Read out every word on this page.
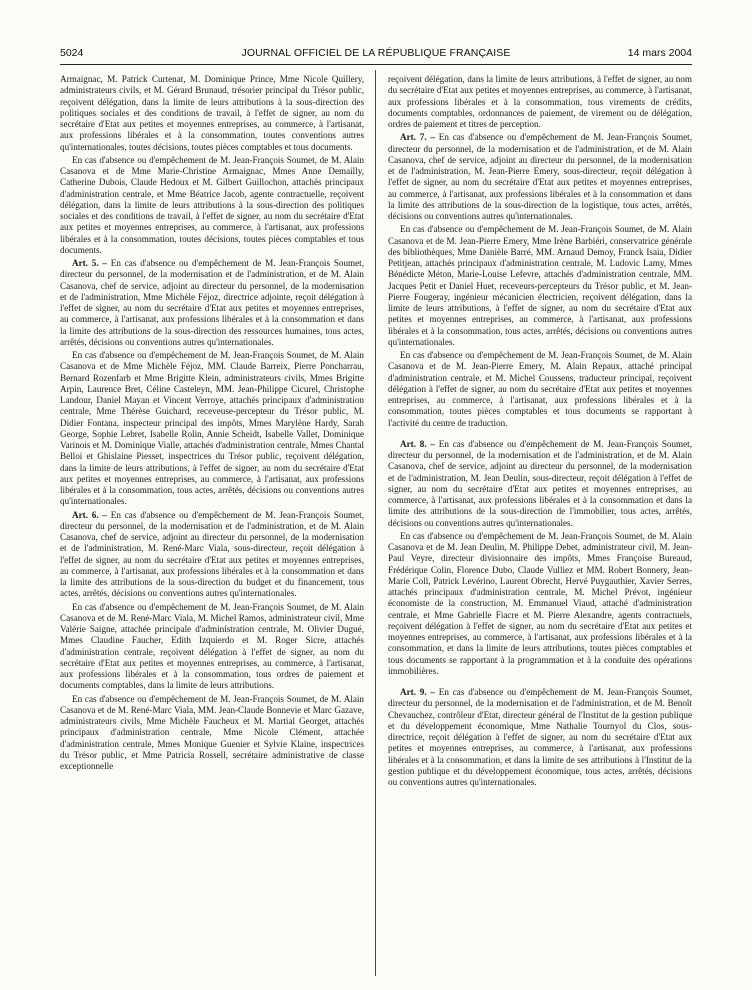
5024	JOURNAL OFFICIEL DE LA RÉPUBLIQUE FRANÇAISE	14 mars 2004

Armaignac, M. Patrick Curtenat, M. Dominique Prince, Mme Nicole Quillery, administrateurs civils, et M. Gérard Brunaud, trésorier principal du Trésor public, reçoivent délégation, dans la limite de leurs attributions à la sous-direction des politiques sociales et des conditions de travail, à l'effet de signer, au nom du secrétaire d'Etat aux petites et moyennes entreprises, au commerce, à l'artisanat, aux professions libérales et à la consommation, toutes conventions autres qu'internationales, toutes décisions, toutes pièces comptables et tous documents.

En cas d'absence ou d'empêchement de M. Jean-François Soumet, de M. Alain Casanova et de Mme Marie-Christine Armaignac, Mmes Anne Demailly, Catherine Dubois, Claude Hedoux et M. Gilbert Guillochon, attachés principaux d'administration centrale, et Mme Béatrice Jacob, agente contractuelle, reçoivent délégation, dans la limite de leurs attributions à la sous-direction des politiques sociales et des conditions de travail, à l'effet de signer, au nom du secrétaire d'Etat aux petites et moyennes entreprises, au commerce, à l'artisanat, aux professions libérales et à la consommation, toutes décisions, toutes pièces comptables et tous documents.

Art. 5. – En cas d'absence ou d'empêchement de M. Jean-François Soumet, directeur du personnel, de la modernisation et de l'administration, et de M. Alain Casanova, chef de service, adjoint au directeur du personnel, de la modernisation et de l'administration, Mme Michèle Féjoz, directrice adjointe, reçoit délégation à l'effet de signer, au nom du secrétaire d'Etat aux petites et moyennes entreprises, au commerce, à l'artisanat, aux professions libérales et à la consommation et dans la limite des attributions de la sous-direction des ressources humaines, tous actes, arrêtés, décisions ou conventions autres qu'internationales.

En cas d'absence ou d'empêchement de M. Jean-François Soumet, de M. Alain Casanova et de Mme Michèle Féjoz, MM. Claude Barreix, Pierre Poncharrau, Bernard Rozenfarb et Mme Brigitte Klein, administrateurs civils, Mmes Brigitte Arpin, Laurence Bret, Céline Casteleyn, MM. Jean-Philippe Cicurel, Christophe Landour, Daniel Mayan et Vincent Verroye, attachés principaux d'administration centrale, Mme Thérèse Guichard, receveuse-percepteur du Trésor public, M. Didier Fontana, inspecteur principal des impôts, Mmes Marylène Hardy, Sarah George, Sophie Lebret, Isabelle Rolin, Annie Scheidt, Isabelle Vallet, Dominique Varinois et M. Dominique Vialle, attachés d'administration centrale, Mmes Chantal Belloi et Ghislaine Piesset, inspectrices du Trésor public, reçoivent délégation, dans la limite de leurs attributions, à l'effet de signer, au nom du secrétaire d'Etat aux petites et moyennes entreprises, au commerce, à l'artisanat, aux professions libérales et à la consommation, tous actes, arrêtés, décisions ou conventions autres qu'internationales.

Art. 6. – En cas d'absence ou d'empêchement de M. Jean-François Soumet, directeur du personnel, de la modernisation et de l'administration, et de M. Alain Casanova, chef de service, adjoint au directeur du personnel, de la modernisation et de l'administration, M. René-Marc Viala, sous-directeur, reçoit délégation à l'effet de signer, au nom du secrétaire d'Etat aux petites et moyennes entreprises, au commerce, à l'artisanat, aux professions libérales et à la consommation et dans la limite des attributions de la sous-direction du budget et du financement, tous actes, arrêtés, décisions ou conventions autres qu'internationales.

En cas d'absence ou d'empêchement de M. Jean-François Soumet, de M. Alain Casanova et de M. René-Marc Viala, M. Michel Ramos, administrateur civil, Mme Valérie Saigne, attachée principale d'administration centrale, M. Olivier Dugué, Mmes Claudine Faucher, Edith Izquierdo et M. Roger Sicre, attachés d'administration centrale, reçoivent délégation à l'effet de signer, au nom du secrétaire d'Etat aux petites et moyennes entreprises, au commerce, à l'artisanat, aux professions libérales et à la consommation, tous ordres de paiement et documents comptables, dans la limite de leurs attributions.

En cas d'absence ou d'empêchement de M. Jean-François Soumet, de M. Alain Casanova et de M. René-Marc Viala, MM. Jean-Claude Bonnevie et Marc Gazave, administrateurs civils, Mme Michèle Faucheux et M. Martial Georget, attachés principaux d'administration centrale, Mme Nicole Clément, attachée d'administration centrale, Mmes Monique Guenier et Sylvie Klaine, inspectrices du Trésor public, et Mme Patricia Rossell, secrétaire administrative de classe exceptionnelle

reçoivent délégation, dans la limite de leurs attributions, à l'effet de signer, au nom du secrétaire d'Etat aux petites et moyennes entreprises, au commerce, à l'artisanat, aux professions libérales et à la consommation, tous virements de crédits, documents comptables, ordonnances de paiement, de virement ou de délégation, ordres de paiement et titres de perception.

Art. 7. – En cas d'absence ou d'empêchement de M. Jean-François Soumet, directeur du personnel, de la modernisation et de l'administration, et de M. Alain Casanova, chef de service, adjoint au directeur du personnel, de la modernisation et de l'administration, M. Jean-Pierre Emery, sous-directeur, reçoit délégation à l'effet de signer, au nom du secrétaire d'Etat aux petites et moyennes entreprises, au commerce, à l'artisanat, aux professions libérales et à la consommation et dans la limite des attributions de la sous-direction de la logistique, tous actes, arrêtés, décisions ou conventions autres qu'internationales.

En cas d'absence ou d'empêchement de M. Jean-François Soumet, de M. Alain Casanova et de M. Jean-Pierre Emery, Mme Irène Barbiéri, conservatrice générale des bibliothèques, Mme Danièle Barré, MM. Arnaud Demoy, Franck Isaia, Didier Petitjean, attachés principaux d'administration centrale, M. Ludovic Lamy, Mmes Bénédicte Méton, Marie-Louise Lefevre, attachés d'administration centrale, MM. Jacques Petit et Daniel Huet, receveurs-percepteurs du Trésor public, et M. Jean-Pierre Fougeray, ingénieur mécanicien électricien, reçoivent délégation, dans la limite de leurs attributions, à l'effet de signer, au nom du secrétaire d'Etat aux petites et moyennes entreprises, au commerce, à l'artisanat, aux professions libérales et à la consommation, tous actes, arrêtés, décisions ou conventions autres qu'internationales.

En cas d'absence ou d'empêchement de M. Jean-François Soumet, de M. Alain Casanova et de M. Jean-Pierre Emery, M. Alain Repaux, attaché principal d'administration centrale, et M. Michel Coussens, traducteur principal, reçoivent délégation à l'effet de signer, au nom du secrétaire d'Etat aux petites et moyennes entreprises, au commerce, à l'artisanat, aux professions libérales et à la consommation, toutes pièces comptables et tous documents se rapportant à l'activité du centre de traduction.

Art. 8. – En cas d'absence ou d'empêchement de M. Jean-François Soumet, directeur du personnel, de la modernisation et de l'administration, et de M. Alain Casanova, chef de service, adjoint au directeur du personnel, de la modernisation et de l'administration, M. Jean Deulin, sous-directeur, reçoit délégation à l'effet de signer, au nom du secrétaire d'Etat aux petites et moyennes entreprises, au commerce, à l'artisanat, aux professions libérales et à la consommation et dans la limite des attributions de la sous-direction de l'immobilier, tous actes, arrêtés, décisions ou conventions autres qu'internationales.

En cas d'absence ou d'empêchement de M. Jean-François Soumet, de M. Alain Casanova et de M. Jean Deulin, M. Philippe Debet, administrateur civil, M. Jean-Paul Veyre, directeur divisionnaire des impôts, Mmes Françoise Bureaud, Frédérique Colin, Florence Dubo, Claude Vulliez et MM. Robert Bonnery, Jean-Marie Coll, Patrick Levérino, Laurent Obrecht, Hervé Puygauthier, Xavier Serres, attachés principaux d'administration centrale, M. Michel Prévot, ingénieur économiste de la construction, M. Emmanuel Viaud, attaché d'administration centrale, et Mme Gabrielle Fiacre et M. Pierre Alexandre, agents contractuels, reçoivent délégation à l'effet de signer, au nom du secrétaire d'Etat aux petites et moyennes entreprises, au commerce, à l'artisanat, aux professions libérales et à la consommation, et dans la limite de leurs attributions, toutes pièces comptables et tous documents se rapportant à la programmation et à la conduite des opérations immobilières.

Art. 9. – En cas d'absence ou d'empêchement de M. Jean-François Soumet, directeur du personnel, de la modernisation et de l'administration, et de M. Benoît Chevauchez, contrôleur d'Etat, directeur général de l'Institut de la gestion publique et du développement économique, Mme Nathalie Tournyol du Clos, sous-directrice, reçoit délégation à l'effet de signer, au nom du secrétaire d'Etat aux petites et moyennes entreprises, au commerce, à l'artisanat, aux professions libérales et à la consommation, et dans la limite de ses attributions à l'Institut de la gestion publique et du développement économique, tous actes, arrêtés, décisions ou conventions autres qu'internationales.
